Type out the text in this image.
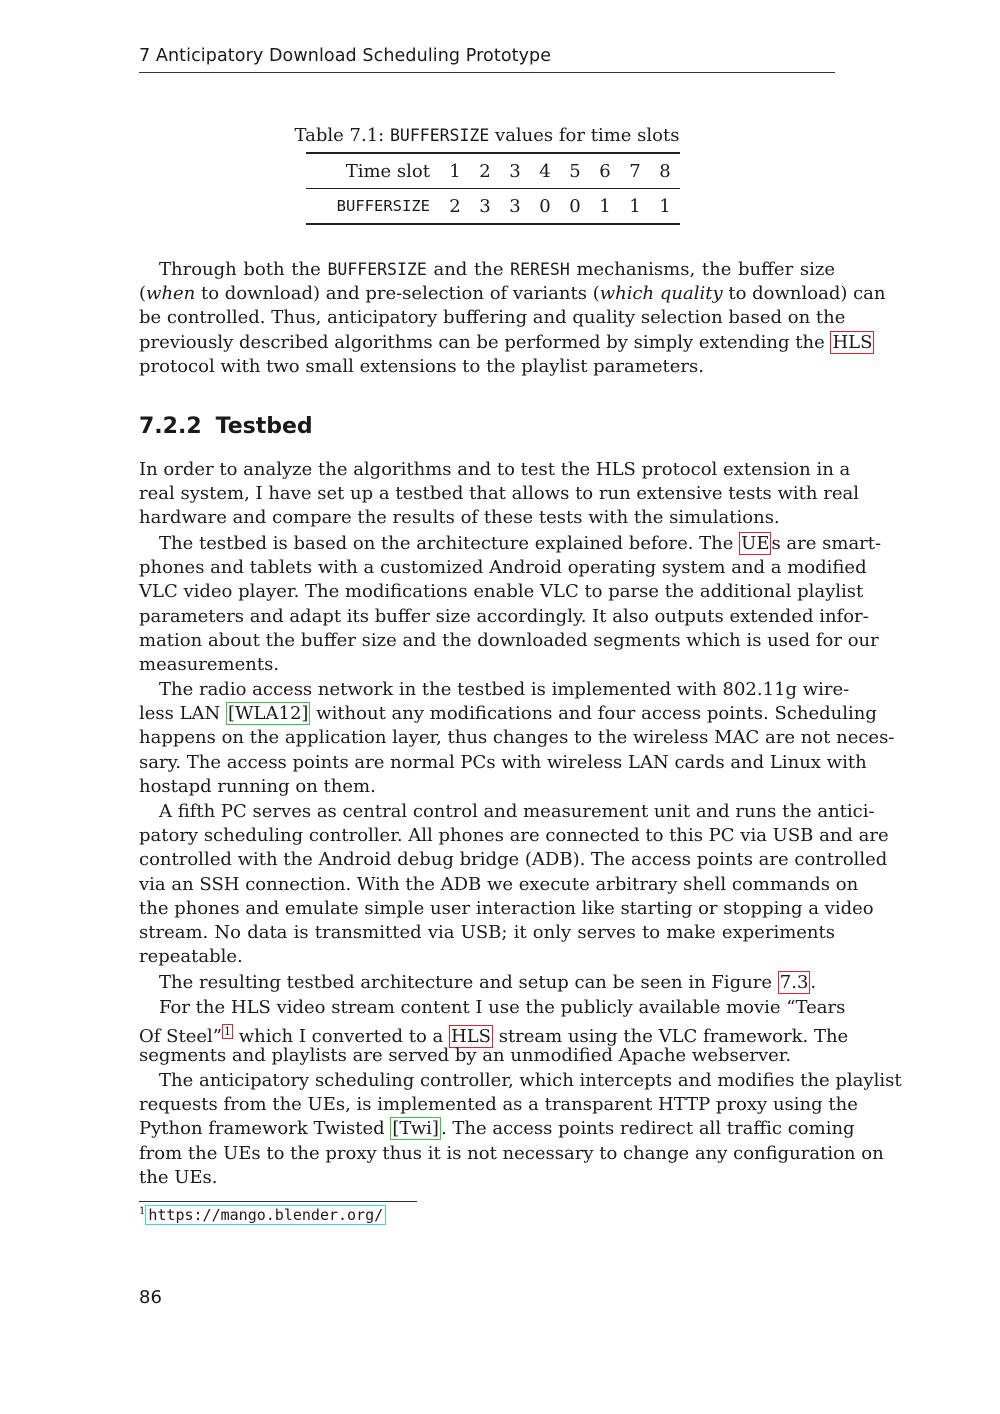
7 Anticipatory Download Scheduling Prototype
Table 7.1: BUFFERSIZE values for time slots
Time slot	1	2	3	4	5	6	7	8
BUFFERSIZE	2	3	3	0	0	1	1	1
Through both the BUFFERSIZE and the RERESH mechanisms, the buffer size
(when to download) and pre-selection of variants (which quality to download) can
be controlled. Thus, anticipatory buffering and quality selection based on the
previously described algorithms can be performed by simply extending the HLS
protocol with two small extensions to the playlist parameters.
7.2.2 Testbed
In order to analyze the algorithms and to test the HLS protocol extension in a
real system, I have set up a testbed that allows to run extensive tests with real
hardware and compare the results of these tests with the simulations.
The testbed is based on the architecture explained before. The UE s are smart-
phones and tablets with a customized Android operating system and a modified
VLC video player. The modifications enable VLC to parse the additional playlist
parameters and adapt its buffer size accordingly. It also outputs extended infor-
mation about the buffer size and the downloaded segments which is used for our
measurements.
The radio access network in the testbed is implemented with 802.11g wire-
less LAN [WLA12] without any modifications and four access points. Scheduling
happens on the application layer, thus changes to the wireless MAC are not neces-
sary. The access points are normal PCs with wireless LAN cards and Linux with
hostapd running on them.
A fifth PC serves as central control and measurement unit and runs the antici-
patory scheduling controller. All phones are connected to this PC via USB and are
controlled with the Android debug bridge (ADB). The access points are controlled
via an SSH connection. With the ADB we execute arbitrary shell commands on
the phones and emulate simple user interaction like starting or stopping a video
stream. No data is transmitted via USB; it only serves to make experiments
repeatable.
The resulting testbed architecture and setup can be seen in Figure 7.3 .
For the HLS video stream content I use the publicly available movie “Tears
Of Steel” $^1$ which I converted to a HLS stream using the VLC framework. The
segments and playlists are served by an unmodified Apache webserver.
The anticipatory scheduling controller, which intercepts and modifies the playlist
requests from the UEs, is implemented as a transparent HTTP proxy using the
Python framework Twisted [Twi] . The access points redirect all traffic coming
from the UEs to the proxy thus it is not necessary to change any configuration on
the UEs.
$^1$ https://mango.blender.org/
86
